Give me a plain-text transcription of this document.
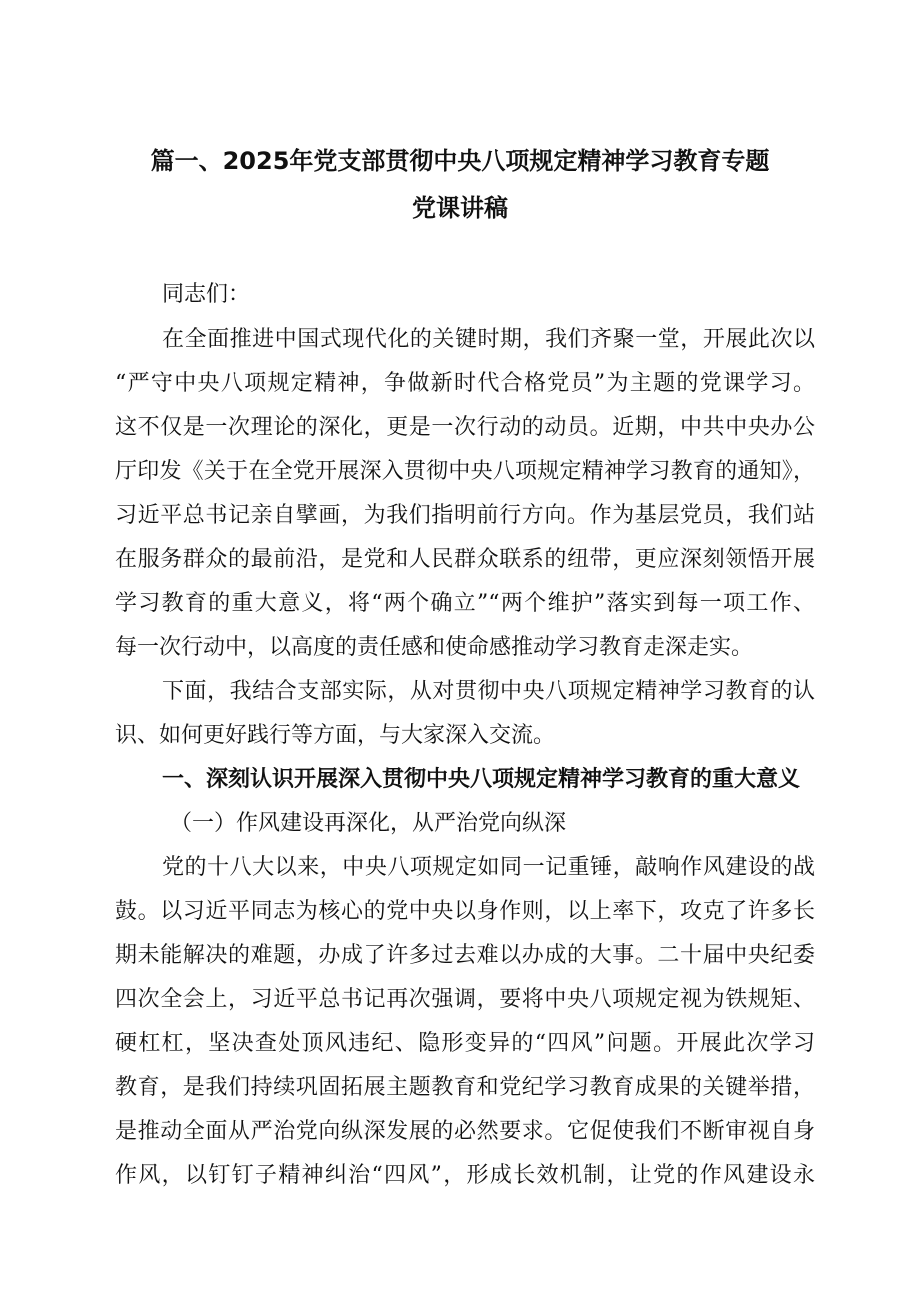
篇一、2025年党支部贯彻中央八项规定精神学习教育专题
党课讲稿
同志们：
在全面推进中国式现代化的关键时期，我们齐聚一堂，开展此次以
“严守中央八项规定精神，争做新时代合格党员”为主题的党课学习。
这不仅是一次理论的深化，更是一次行动的动员。近期，中共中央办公
厅印发《关于在全党开展深入贯彻中央八项规定精神学习教育的通知》，
习近平总书记亲自擘画，为我们指明前行方向。作为基层党员，我们站
在服务群众的最前沿，是党和人民群众联系的纽带，更应深刻领悟开展
学习教育的重大意义，将“两个确立”“两个维护”落实到每一项工作、
每一次行动中，以高度的责任感和使命感推动学习教育走深走实。
下面，我结合支部实际，从对贯彻中央八项规定精神学习教育的认
识、如何更好践行等方面，与大家深入交流。
一、深刻认识开展深入贯彻中央八项规定精神学习教育的重大意义
（一）作风建设再深化，从严治党向纵深
党的十八大以来，中央八项规定如同一记重锤，敲响作风建设的战
鼓。以习近平同志为核心的党中央以身作则，以上率下，攻克了许多长
期未能解决的难题，办成了许多过去难以办成的大事。二十届中央纪委
四次全会上，习近平总书记再次强调，要将中央八项规定视为铁规矩、
硬杠杠，坚决查处顶风违纪、隐形变异的“四风”问题。开展此次学习
教育，是我们持续巩固拓展主题教育和党纪学习教育成果的关键举措，
是推动全面从严治党向纵深发展的必然要求。它促使我们不断审视自身
作风，以钉钉子精神纠治“四风”，形成长效机制，让党的作风建设永
